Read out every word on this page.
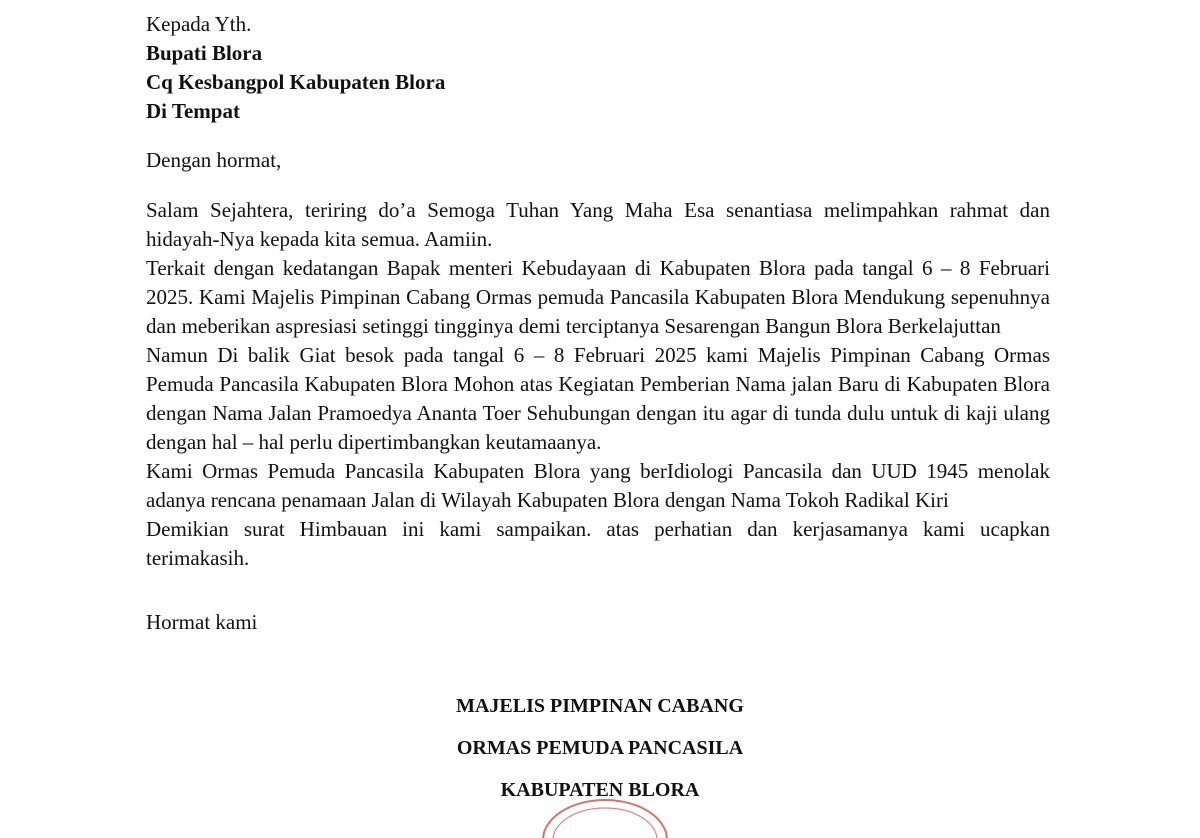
Kepada Yth.

Bupati Blora

Cq Kesbangpol Kabupaten Blora

Di Tempat

Dengan hormat,

Salam Sejahtera, teriring do’a Semoga Tuhan Yang Maha Esa senantiasa melimpahkan rahmat dan hidayah-Nya kepada kita semua. Aamiin.

Terkait dengan kedatangan Bapak menteri Kebudayaan di Kabupaten Blora pada tangal 6 – 8 Februari 2025. Kami Majelis Pimpinan Cabang Ormas pemuda Pancasila Kabupaten Blora Mendukung sepenuhnya dan meberikan aspresiasi setinggi tingginya demi terciptanya Sesarengan Bangun Blora Berkelajuttan

Namun Di balik Giat besok pada tangal 6 – 8 Februari 2025 kami Majelis Pimpinan Cabang Ormas Pemuda Pancasila Kabupaten Blora Mohon atas Kegiatan Pemberian Nama jalan Baru di Kabupaten Blora dengan Nama Jalan Pramoedya Ananta Toer Sehubungan dengan itu agar di tunda dulu untuk di kaji ulang dengan hal – hal perlu dipertimbangkan keutamaanya.

Kami Ormas Pemuda Pancasila Kabupaten Blora yang berIdiologi Pancasila dan UUD 1945 menolak adanya rencana penamaan Jalan di Wilayah Kabupaten Blora dengan Nama Tokoh Radikal Kiri

Demikian surat Himbauan ini kami sampaikan. atas perhatian dan kerjasamanya kami ucapkan terimakasih.

Hormat kami

MAJELIS PIMPINAN CABANG
ORMAS PEMUDA PANCASILA
KABUPATEN BLORA
